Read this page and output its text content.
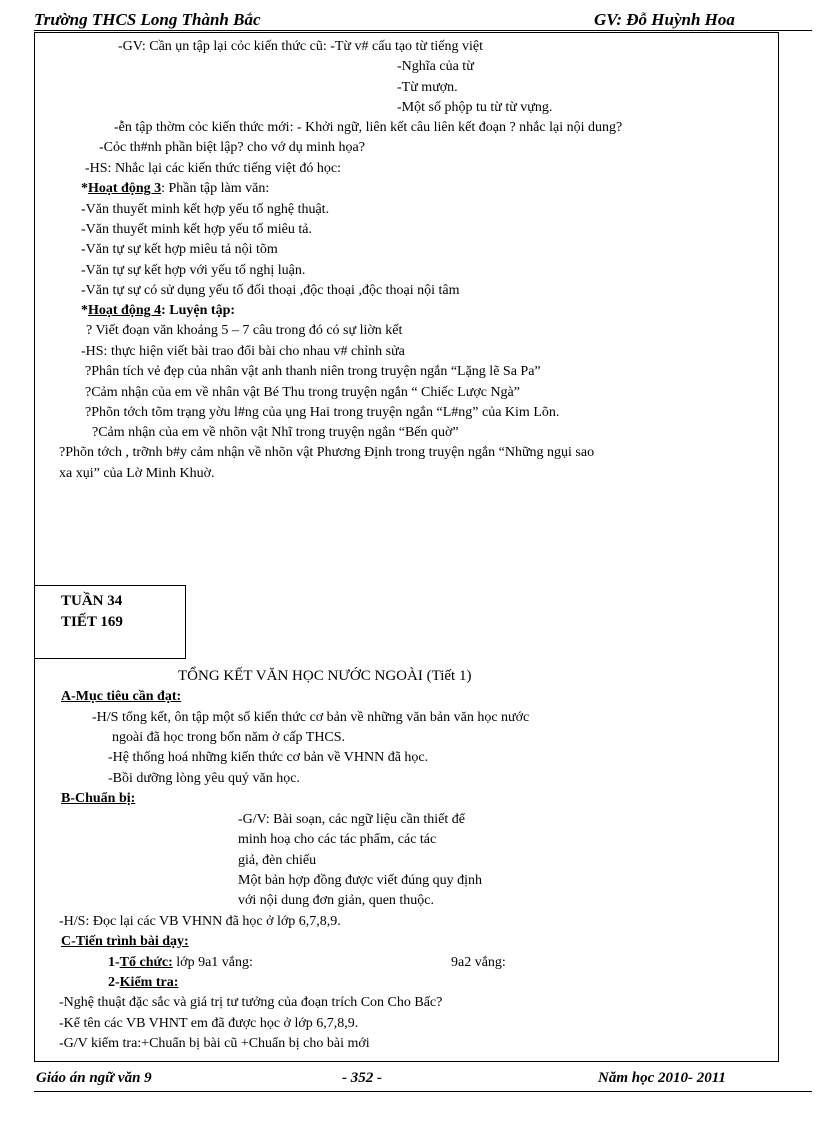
Trường THCS Long Thành Bắc	GV: Đỗ Huỳnh Hoa
-GV: Cần ụn tập lại cỏc kiến thức cũ: -Từ v# cấu tạo từ tiếng việt
-Nghĩa của từ
-Từ mượn.
-Một số phộp tu từ từ vựng.
-ễn tập thờm cỏc kiến thức mới: - Khởi ngữ, liên kết câu liên kết đoạn ? nhắc lại nội dung?
-Cỏc th#nh phần biệt lập? cho vớ dụ minh họa?
-HS: Nhắc lại các kiến thức tiếng việt đó học:
*Hoạt động 3: Phần tập làm văn:
-Văn thuyết minh kết hợp yếu tố nghệ thuật.
-Văn thuyết minh kết hợp yếu tố miêu tả.
-Văn tự sự kết hợp miêu tả nội tõm
-Văn tự sự kết hợp với yếu tố nghị luận.
-Văn tự sự có sử dụng yếu tố đối thoại ,độc thoại ,độc thoại nội tâm
*Hoạt động 4: Luyện tập:
? Viết đoạn văn khoảng 5 – 7 câu trong đó có sự liờn kết
-HS: thực hiện viết bài trao đổi bài cho nhau v# chỉnh sửa
?Phân tích vẻ đẹp của nhân vật anh thanh niên trong truyện ngắn “Lặng lẽ Sa Pa”
?Cảm nhận của em về nhân vật Bé Thu trong truyện ngắn “ Chiếc Lược Ngà”
?Phõn tớch tõm trạng yờu l#ng của ụng Hai trong truyện ngắn “L#ng” của Kim Lõn.
?Cảm nhận của em về nhõn vật Nhĩ trong truyện ngắn “Bến quờ”
?Phõn tớch , trỡnh b#y cảm nhận về nhõn vật Phương Định trong truyện ngắn “Những ngụi sao
xa xụi” của Lờ Minh Khuờ.
TUẦN 34
TIẾT 169
TỔNG KẾT VĂN HỌC NƯỚC NGOÀI (Tiết 1)
A-Mục tiêu cần đạt:
-H/S tổng kết, ôn tập một số kiến thức cơ bản về những văn bản văn học nước
ngoài đã học trong bốn năm ở cấp THCS.
-Hệ thống hoá những kiến thức cơ bản về VHNN đã học.
-Bồi dưỡng lòng yêu quý văn học.
B-Chuẩn bị:
-G/V: Bài soạn, các ngữ liệu cần thiết để
minh hoạ cho các tác phẩm, các tác
giả, đèn chiếu
Một bản hợp đồng được viết đúng quy định
với nội dung đơn giản, quen thuộc.
-H/S: Đọc lại các VB VHNN đã học ở lớp 6,7,8,9.
C-Tiến trình bài dạy:
1-Tổ chức: lớp 9a1 vắng:	9a2 vắng:
2-Kiểm tra:
-Nghệ thuật đặc sắc và giá trị tư tưởng của đoạn trích Con Cho Bấc?
-Kể tên các VB VHNT em đã được học ở lớp 6,7,8,9.
-G/V kiểm tra:+Chuẩn bị bài cũ +Chuẩn bị cho bài mới
Giáo án ngữ văn 9	- 352 -	Năm học 2010- 2011
